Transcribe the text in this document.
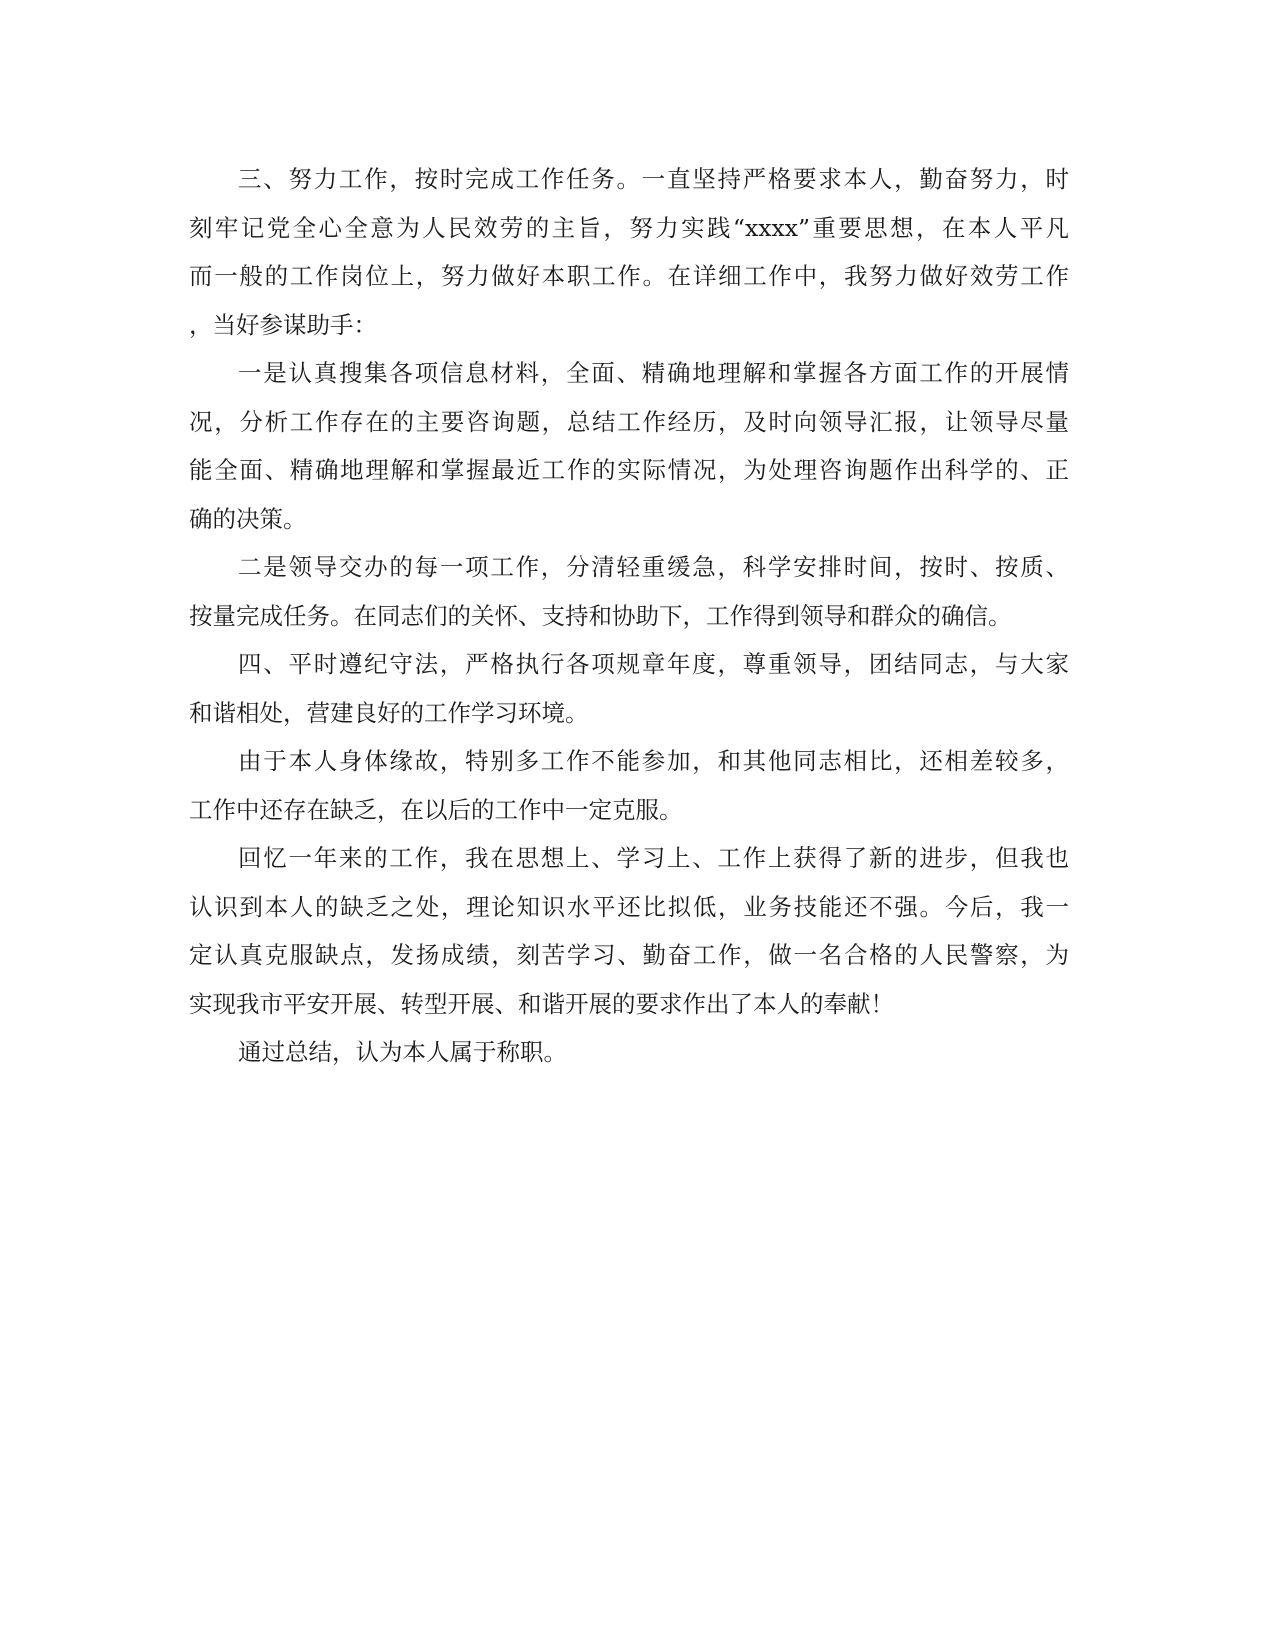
三、努力工作，按时完成工作任务。一直坚持严格要求本人，勤奋努力，时
刻牢记党全心全意为人民效劳的主旨，努力实践“xxxx”重要思想，在本人平凡
而一般的工作岗位上，努力做好本职工作。在详细工作中，我努力做好效劳工作
，当好参谋助手：
一是认真搜集各项信息材料，全面、精确地理解和掌握各方面工作的开展情
况，分析工作存在的主要咨询题，总结工作经历，及时向领导汇报，让领导尽量
能全面、精确地理解和掌握最近工作的实际情况，为处理咨询题作出科学的、正
确的决策。
二是领导交办的每一项工作，分清轻重缓急，科学安排时间，按时、按质、
按量完成任务。在同志们的关怀、支持和协助下，工作得到领导和群众的确信。
四、平时遵纪守法，严格执行各项规章年度，尊重领导，团结同志，与大家
和谐相处，营建良好的工作学习环境。
由于本人身体缘故，特别多工作不能参加，和其他同志相比，还相差较多，
工作中还存在缺乏，在以后的工作中一定克服。
回忆一年来的工作，我在思想上、学习上、工作上获得了新的进步，但我也
认识到本人的缺乏之处，理论知识水平还比拟低，业务技能还不强。今后，我一
定认真克服缺点，发扬成绩，刻苦学习、勤奋工作，做一名合格的人民警察，为
实现我市平安开展、转型开展、和谐开展的要求作出了本人的奉献！
通过总结，认为本人属于称职。
